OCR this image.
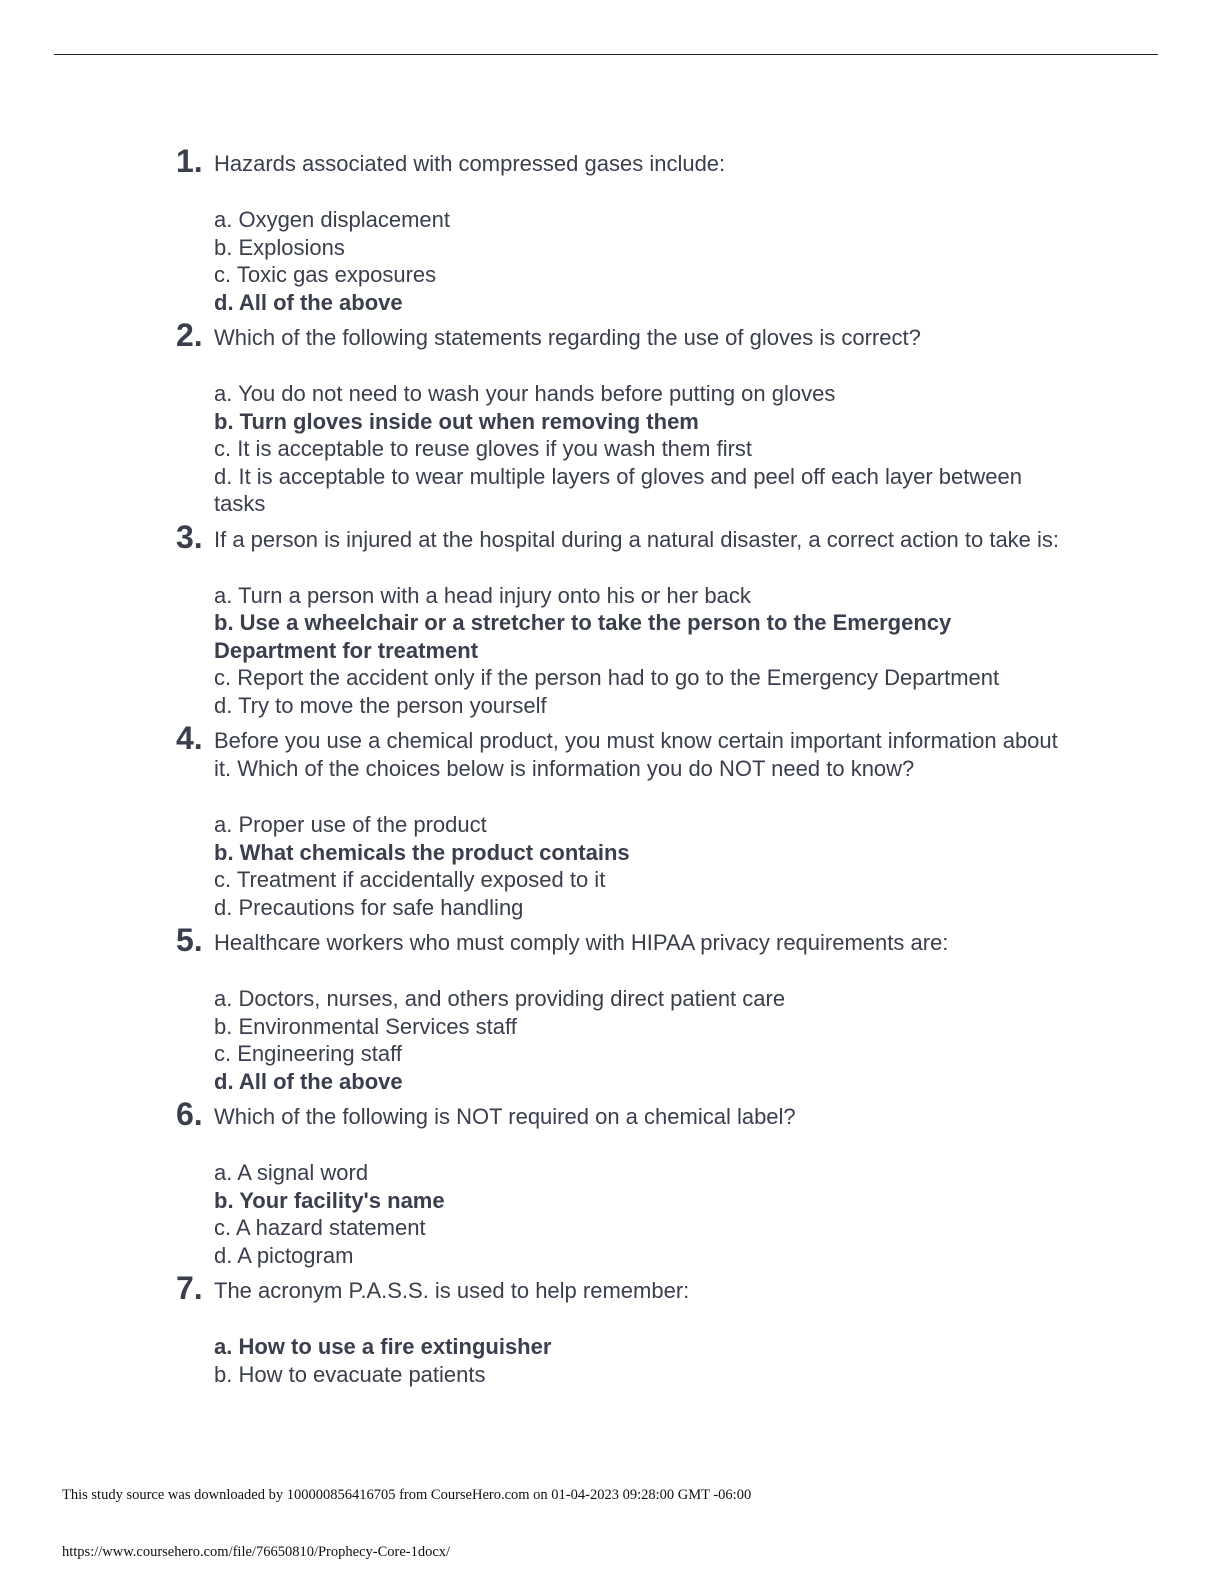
1. Hazards associated with compressed gases include:
a. Oxygen displacement
b. Explosions
c. Toxic gas exposures
d. All of the above
2. Which of the following statements regarding the use of gloves is correct?
a. You do not need to wash your hands before putting on gloves
b. Turn gloves inside out when removing them
c. It is acceptable to reuse gloves if you wash them first
d. It is acceptable to wear multiple layers of gloves and peel off each layer between tasks
3. If a person is injured at the hospital during a natural disaster, a correct action to take is:
a. Turn a person with a head injury onto his or her back
b. Use a wheelchair or a stretcher to take the person to the Emergency Department for treatment
c. Report the accident only if the person had to go to the Emergency Department
d. Try to move the person yourself
4. Before you use a chemical product, you must know certain important information about it. Which of the choices below is information you do NOT need to know?
a. Proper use of the product
b. What chemicals the product contains
c. Treatment if accidentally exposed to it
d. Precautions for safe handling
5. Healthcare workers who must comply with HIPAA privacy requirements are:
a. Doctors, nurses, and others providing direct patient care
b. Environmental Services staff
c. Engineering staff
d. All of the above
6. Which of the following is NOT required on a chemical label?
a. A signal word
b. Your facility's name
c. A hazard statement
d. A pictogram
7. The acronym P.A.S.S. is used to help remember:
a. How to use a fire extinguisher
b. How to evacuate patients
This study source was downloaded by 100000856416705 from CourseHero.com on 01-04-2023 09:28:00 GMT -06:00
https://www.coursehero.com/file/76650810/Prophecy-Core-1docx/
